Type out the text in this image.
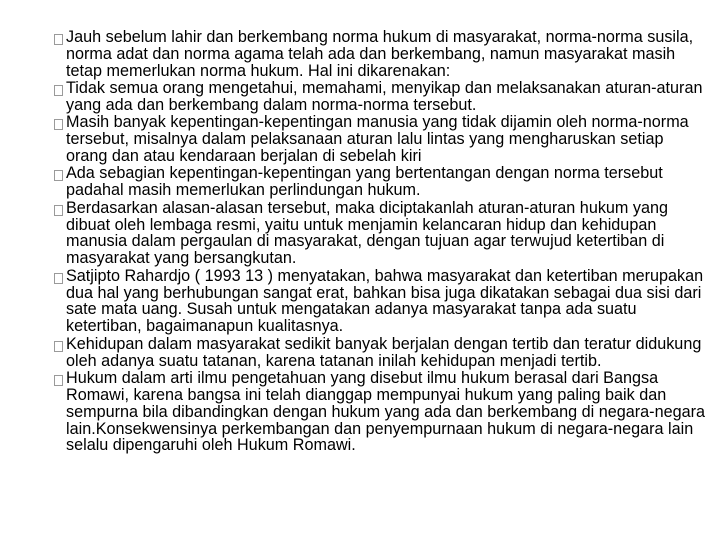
Jauh sebelum lahir dan berkembang norma hukum di masyarakat, norma-norma susila, norma adat dan norma agama telah ada dan berkembang, namun masyarakat masih tetap memerlukan norma hukum. Hal ini dikarenakan:
Tidak semua orang mengetahui, memahami, menyikap dan melaksanakan aturan-aturan yang ada dan berkembang dalam norma-norma tersebut.
Masih banyak kepentingan-kepentingan manusia yang tidak dijamin oleh norma-norma tersebut, misalnya dalam pelaksanaan aturan lalu lintas yang mengharuskan setiap orang dan atau kendaraan berjalan di sebelah kiri
Ada sebagian kepentingan-kepentingan yang bertentangan dengan norma tersebut padahal masih memerlukan perlindungan hukum.
Berdasarkan alasan-alasan tersebut, maka diciptakanlah aturan-aturan hukum yang dibuat oleh lembaga resmi, yaitu untuk menjamin kelancaran hidup dan kehidupan manusia dalam pergaulan di masyarakat, dengan tujuan agar terwujud ketertiban di masyarakat yang bersangkutan.
Satjipto Rahardjo ( 1993 13 ) menyatakan, bahwa masyarakat dan ketertiban merupakan dua hal yang berhubungan sangat erat, bahkan bisa juga dikatakan sebagai dua sisi dari sate mata uang. Susah untuk mengatakan adanya masyarakat tanpa ada suatu ketertiban, bagaimanapun kualitasnya.
Kehidupan dalam masyarakat sedikit banyak berjalan dengan tertib dan teratur didukung oleh adanya suatu tatanan, karena tatanan inilah kehidupan menjadi tertib.
Hukum dalam arti ilmu pengetahuan yang disebut ilmu hukum berasal dari Bangsa Romawi, karena bangsa ini telah dianggap mempunyai hukum yang paling baik dan sempurna bila dibandingkan dengan hukum yang ada dan berkembang di negara-negara lain.Konsekwensinya perkembangan dan penyempurnaan hukum di negara-negara lain selalu dipengaruhi oleh Hukum Romawi.
